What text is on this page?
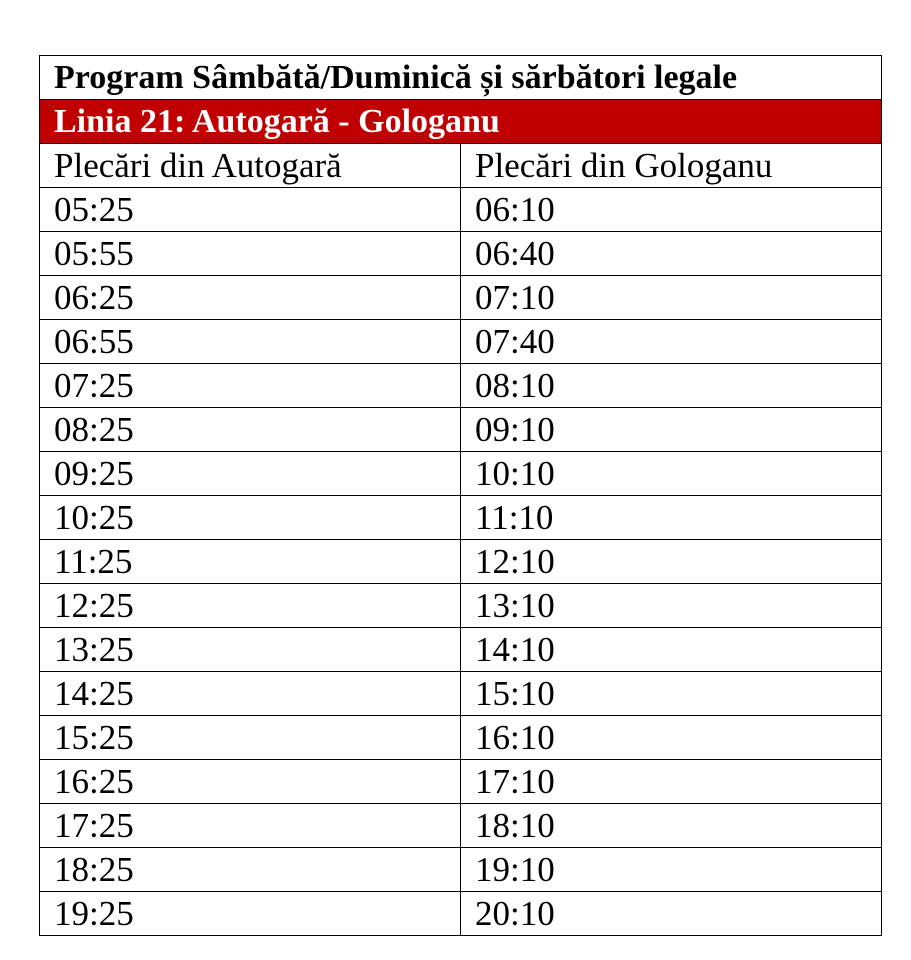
Program Sâmbătă/Duminică și sărbători legale	
Linia 21: Autogară - Gologanu	
Plecări din Autogară	Plecări din Gologanu
05:25	06:10
05:55	06:40
06:25	07:10
06:55	07:40
07:25	08:10
08:25	09:10
09:25	10:10
10:25	11:10
11:25	12:10
12:25	13:10
13:25	14:10
14:25	15:10
15:25	16:10
16:25	17:10
17:25	18:10
18:25	19:10
19:25	20:10
